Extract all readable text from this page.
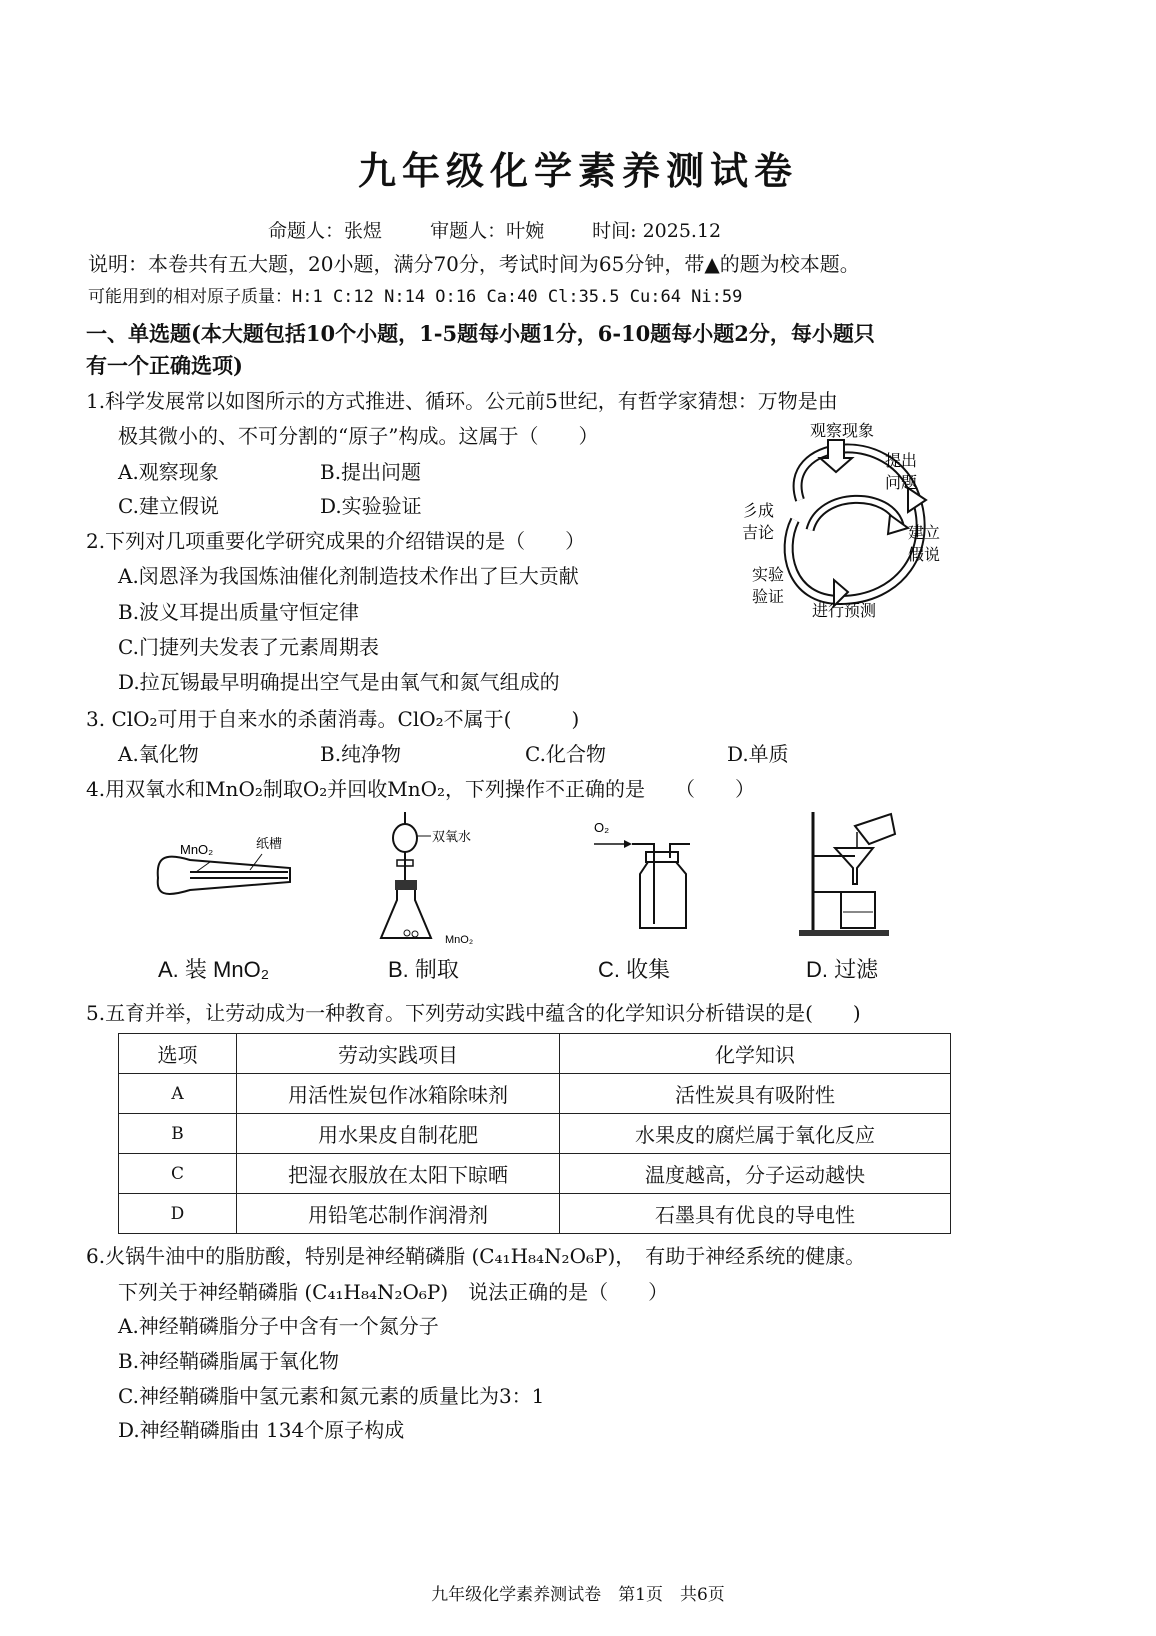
九年级化学素养测试卷
命题人：张煜	审题人：叶婉	时间: 2025.12
说明：本卷共有五大题，20小题，满分70分，考试时间为65分钟，带▲的题为校本题。
可能用到的相对原子质量：H:1 C:12 N:14 O:16 Ca:40 Cl:35.5 Cu:64 Ni:59
一、单选题(本大题包括10个小题，1-5题每小题1分，6-10题每小题2分，每小题只
有一个正确选项)
1.科学发展常以如图所示的方式推进、循环。公元前5世纪，有哲学家猜想：万物是由
极其微小的、不可分割的“原子”构成。这属于（　　）
A.观察现象	B.提出问题
C.建立假说	D.实验验证
观察现象
提出
问题
建立
假说
进行预测
实验
验证
彡成
吉论
2.下列对几项重要化学研究成果的介绍错误的是（　　）
A.闵恩泽为我国炼油催化剂制造技术作出了巨大贡献
B.波义耳提出质量守恒定律
C.门捷列夫发表了元素周期表
D.拉瓦锡最早明确提出空气是由氧气和氮气组成的
3. ClO₂可用于自来水的杀菌消毒。ClO₂不属于(　　　)
A.氧化物	B.纯净物	C.化合物	D.单质
4.用双氧水和MnO₂制取O₂并回收MnO₂，下列操作不正确的是　　（　　）
MnO₂	纸槽	双氧水
MnO₂
O₂
A. 装 MnO₂	B. 制取	C. 收集	D. 过滤
5.五育并举，让劳动成为一种教育。下列劳动实践中蕴含的化学知识分析错误的是(　　)
选项	劳动实践项目	化学知识
A	用活性炭包作冰箱除味剂	活性炭具有吸附性
B	用水果皮自制花肥	水果皮的腐烂属于氧化反应
C	把湿衣服放在太阳下晾晒	温度越高，分子运动越快
D	用铅笔芯制作润滑剂	石墨具有优良的导电性
6.火锅牛油中的脂肪酸，特别是神经鞘磷脂 (C₄₁H₈₄N₂O₆P)，　有助于神经系统的健康。
下列关于神经鞘磷脂 (C₄₁H₈₄N₂O₆P)　说法正确的是（　　）
A.神经鞘磷脂分子中含有一个氮分子
B.神经鞘磷脂属于氧化物
C.神经鞘磷脂中氢元素和氮元素的质量比为3：1
D.神经鞘磷脂由 134个原子构成
九年级化学素养测试卷　第1页　共6页
